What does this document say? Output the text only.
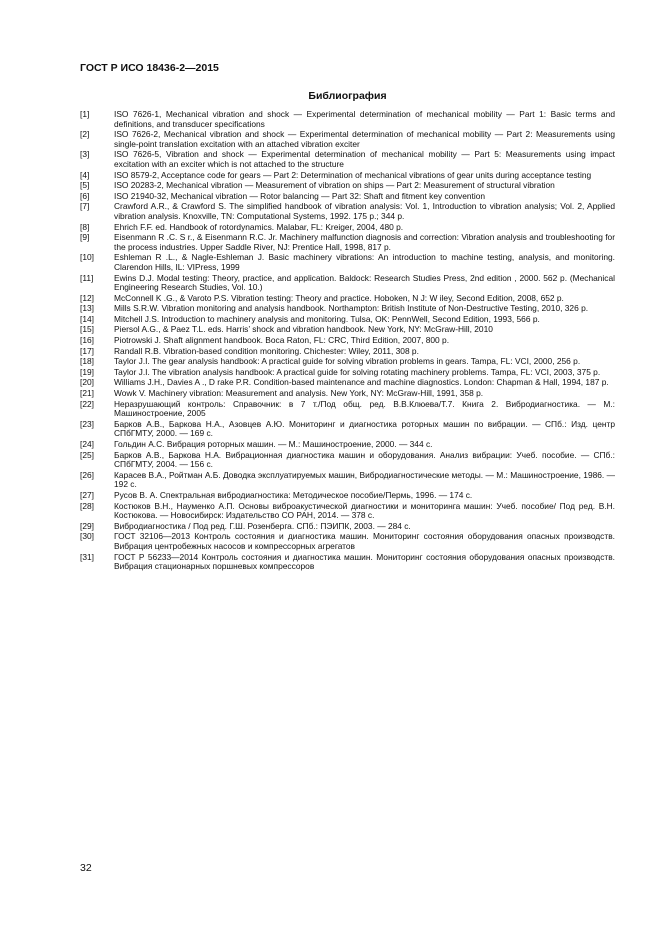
ГОСТ Р ИСО 18436-2—2015
Библиография
[1]	ISO 7626-1, Mechanical vibration and shock — Experimental determination of mechanical mobility — Part 1: Basic terms and definitions, and transducer specifications
[2]	ISO 7626-2, Mechanical vibration and shock — Experimental determination of mechanical mobility — Part 2: Measurements using single-point translation excitation with an attached vibration exciter
[3]	ISO 7626-5, Vibration and shock — Experimental determination of mechanical mobility — Part 5: Measurements using impact excitation with an exciter which is not attached to the structure
[4]	ISO 8579-2, Acceptance code for gears — Part 2: Determination of mechanical vibrations of gear units during acceptance testing
[5]	ISO 20283-2, Mechanical vibration — Measurement of vibration on ships — Part 2: Measurement of structural vibration
[6]	ISO 21940-32, Mechanical vibration — Rotor balancing — Part 32: Shaft and fitment key convention
[7]	Crawford A.R., & Crawford S. The simplified handbook of vibration analysis: Vol. 1, Introduction to vibration analysis; Vol. 2, Applied vibration analysis. Knoxville, TN: Computational Systems, 1992. 175 p.; 344 p.
[8]	Ehrich F.F. ed. Handbook of rotordynamics. Malabar, FL: Kreiger, 2004, 480 p.
[9]	Eisenmann R .C. S r., & Eisenmann R.C. Jr. Machinery malfunction diagnosis and correction: Vibration analysis and troubleshooting for the process industries. Upper Saddle River, NJ: Prentice Hall, 1998, 817 p.
[10]	Eshleman R .L., & Nagle-Eshleman J. Basic machinery vibrations: An introduction to machine testing, analysis, and monitoring. Clarendon Hills, IL: VIPress, 1999
[11]	Ewins D.J. Modal testing: Theory, practice, and application. Baldock: Research Studies Press, 2nd edition , 2000. 562 p. (Mechanical Engineering Research Studies, Vol. 10.)
[12]	McConnell K .G., & Varoto P.S. Vibration testing: Theory and practice. Hoboken, N J: W iley, Second Edition, 2008, 652 p.
[13]	Mills S.R.W. Vibration monitoring and analysis handbook. Northampton: British Institute of Non-Destructive Testing, 2010, 326 p.
[14]	Mitchell J.S. Introduction to machinery analysis and monitoring. Tulsa, OK: PennWell, Second Edition, 1993, 566 p.
[15]	Piersol A.G., & Paez T.L. eds. Harris’ shock and vibration handbook. New York, NY: McGraw-Hill, 2010
[16]	Piotrowski J. Shaft alignment handbook. Boca Raton, FL: CRC, Third Edition, 2007, 800 p.
[17]	Randall R.B. Vibration-based condition monitoring. Chichester: Wiley, 2011, 308 p.
[18]	Taylor J.I. The gear analysis handbook: A practical guide for solving vibration problems in gears. Tampa, FL: VCI, 2000, 256 p.
[19]	Taylor J.I. The vibration analysis handbook: A practical guide for solving rotating machinery problems. Tampa, FL: VCI, 2003, 375 p.
[20]	Williams J.H., Davies A ., D rake P.R. Condition-based maintenance and machine diagnostics. London: Chapman & Hall, 1994, 187 p.
[21]	Wowk V. Machinery vibration: Measurement and analysis. New York, NY: McGraw-Hill, 1991, 358 p.
[22]	Неразрушающий контроль: Справочник: в 7 т./Под общ. ред. В.В.Клюева/Т.7. Книга 2. Вибродиагностика. — М.: Машиностроение, 2005
[23]	Барков А.В., Баркова Н.А., Азовцев А.Ю. Мониторинг и диагностика роторных машин по вибрации. — СПб.: Изд. центр СПбГМТУ, 2000. — 169 с.
[24]	Гольдин А.С. Вибрация роторных машин. — М.: Машиностроение, 2000. — 344 с.
[25]	Барков А.В., Баркова Н.А. Вибрационная диагностика машин и оборудования. Анализ вибрации: Учеб. пособие. — СПб.: СПбГМТУ, 2004. — 156 с.
[26]	Карасев В.А., Ройтман А.Б. Доводка эксплуатируемых машин, Вибродиагностические методы. — М.: Машиностроение, 1986. — 192 с.
[27]	Русов В. А. Спектральная вибродиагностика: Методическое пособие/Пермь, 1996. — 174 с.
[28]	Костюков В.Н., Науменко А.П. Основы виброакустической диагностики и мониторинга машин: Учеб. пособие/ Под ред. В.Н. Костюкова. — Новосибирск: Издательство СО РАН, 2014. — 378 с.
[29]	Вибродиагностика / Под ред. Г.Ш. Розенберга. СПб.: ПЭИПК, 2003. — 284 с.
[30]	ГОСТ 32106—2013 Контроль состояния и диагностика машин. Мониторинг состояния оборудования опасных производств. Вибрация центробежных насосов и компрессорных агрегатов
[31]	ГОСТ Р 56233—2014 Контроль состояния и диагностика машин. Мониторинг состояния оборудования опасных производств. Вибрация стационарных поршневых компрессоров
32
